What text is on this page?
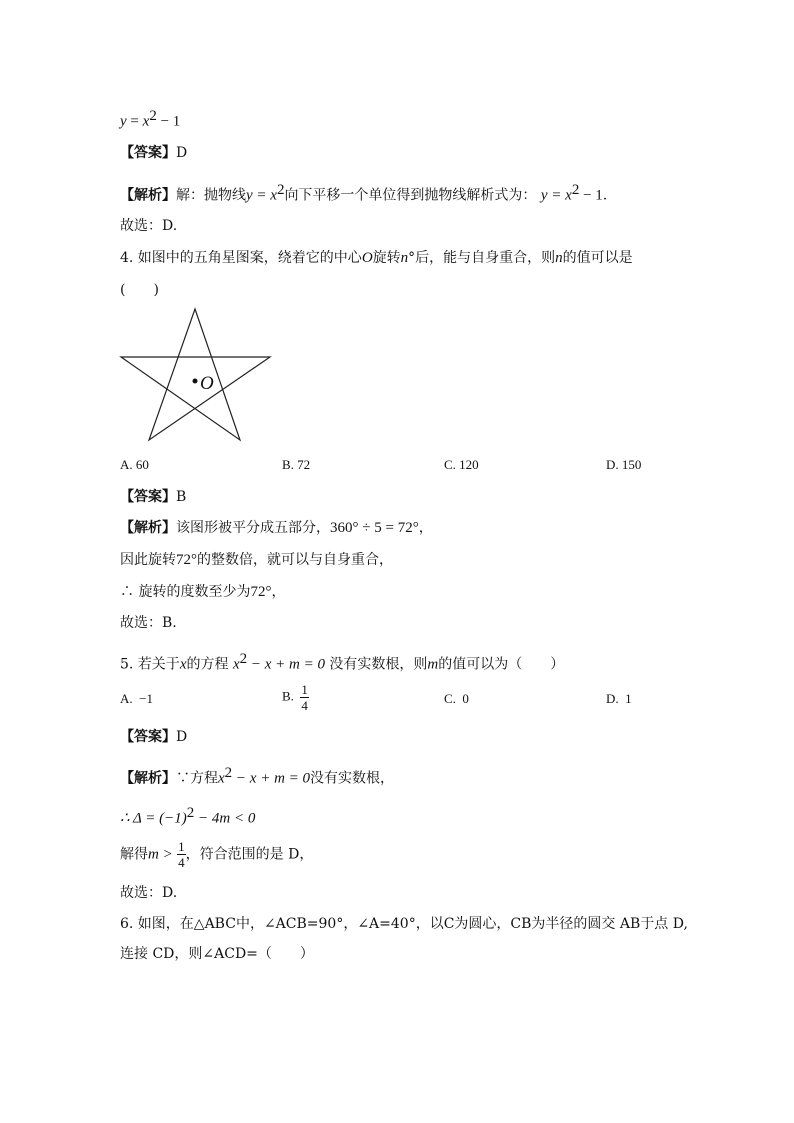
$y = x^2 - 1$
【答案】D
【解析】解：抛物线$y = x^2$向下平移一个单位得到抛物线解析式为： $y = x^2 - 1$.
故选：D.
4. 如图中的五角星图案，绕着它的中心O旋转n°后，能与自身重合，则n的值可以是
(　　)
O
A. 60	B. 72	C. 120	D. 150
【答案】B
【解析】该图形被平分成五部分，360° ÷ 5 = 72°，
因此旋转72°的整数倍，就可以与自身重合，
∴ 旋转的度数至少为72°，
故选：B.
5. 若关于x的方程 $x^2 - x + m = 0$ 没有实数根，则m的值可以为（　　）
A. −1	B. $\frac{1}{4}$	C. 0	D. 1
【答案】D
【解析】∵方程$x^2 - x + m = 0$没有实数根，
∴ $\Delta = (-1)^2 - 4m < 0$
解得$m > \frac{1}{4}$ ，符合范围的是 D，
故选：D.
6. 如图，在△ABC中，∠ACB=90°，∠A=40°，以C为圆心，CB为半径的圆交 AB于点 D,
连接 CD，则∠ACD=（　　）
